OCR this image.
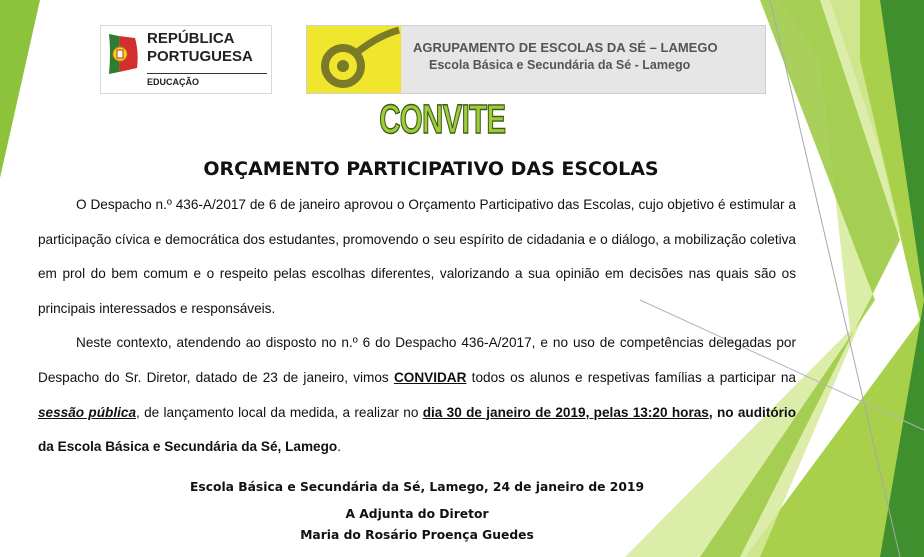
REPÚBLICA
PORTUGUESA
EDUCAÇÃO
AGRUPAMENTO DE ESCOLAS DA SÉ – LAMEGO
Escola Básica e Secundária da Sé - Lamego
CONVITE
ORÇAMENTO PARTICIPATIVO DAS ESCOLAS

O Despacho n.º 436-A/2017 de 6 de janeiro aprovou o Orçamento Participativo das Escolas, cujo objetivo é estimular a participação cívica e democrática dos estudantes, promovendo o seu espírito de cidadania e o diálogo, a mobilização coletiva em prol do bem comum e o respeito pelas escolhas diferentes, valorizando a sua opinião em decisões nas quais são os principais interessados e responsáveis.

Neste contexto, atendendo ao disposto no n.º 6 do Despacho 436-A/2017, e no uso de competências delegadas por Despacho do Sr. Diretor, datado de 23 de janeiro, vimos CONVIDAR todos os alunos e respetivas famílias a participar na sessão pública, de lançamento local da medida, a realizar no dia 30 de janeiro de 2019, pelas 13:20 horas, no auditório da Escola Básica e Secundária da Sé, Lamego.

Escola Básica e Secundária da Sé, Lamego, 24 de janeiro de 2019
A Adjunta do Diretor
Maria do Rosário Proença Guedes
